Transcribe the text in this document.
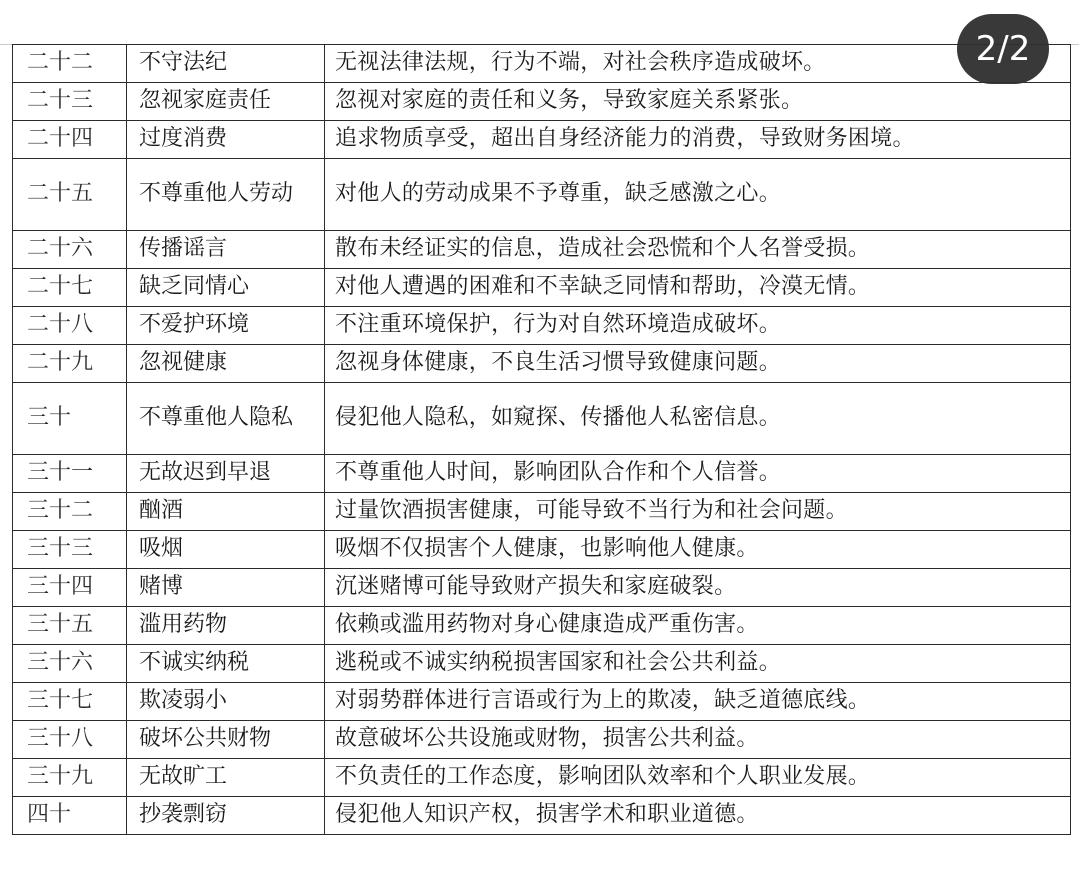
二十二	不守法纪	无视法律法规，行为不端，对社会秩序造成破坏。
二十三	忽视家庭责任	忽视对家庭的责任和义务，导致家庭关系紧张。
二十四	过度消费	追求物质享受，超出自身经济能力的消费，导致财务困境。
二十五	不尊重他人劳动	对他人的劳动成果不予尊重，缺乏感激之心。
二十六	传播谣言	散布未经证实的信息，造成社会恐慌和个人名誉受损。
二十七	缺乏同情心	对他人遭遇的困难和不幸缺乏同情和帮助，冷漠无情。
二十八	不爱护环境	不注重环境保护，行为对自然环境造成破坏。
二十九	忽视健康	忽视身体健康，不良生活习惯导致健康问题。
三十	不尊重他人隐私	侵犯他人隐私，如窥探、传播他人私密信息。
三十一	无故迟到早退	不尊重他人时间，影响团队合作和个人信誉。
三十二	酗酒	过量饮酒损害健康，可能导致不当行为和社会问题。
三十三	吸烟	吸烟不仅损害个人健康，也影响他人健康。
三十四	赌博	沉迷赌博可能导致财产损失和家庭破裂。
三十五	滥用药物	依赖或滥用药物对身心健康造成严重伤害。
三十六	不诚实纳税	逃税或不诚实纳税损害国家和社会公共利益。
三十七	欺凌弱小	对弱势群体进行言语或行为上的欺凌，缺乏道德底线。
三十八	破坏公共财物	故意破坏公共设施或财物，损害公共利益。
三十九	无故旷工	不负责任的工作态度，影响团队效率和个人职业发展。
四十	抄袭剽窃	侵犯他人知识产权，损害学术和职业道德。
2/2
